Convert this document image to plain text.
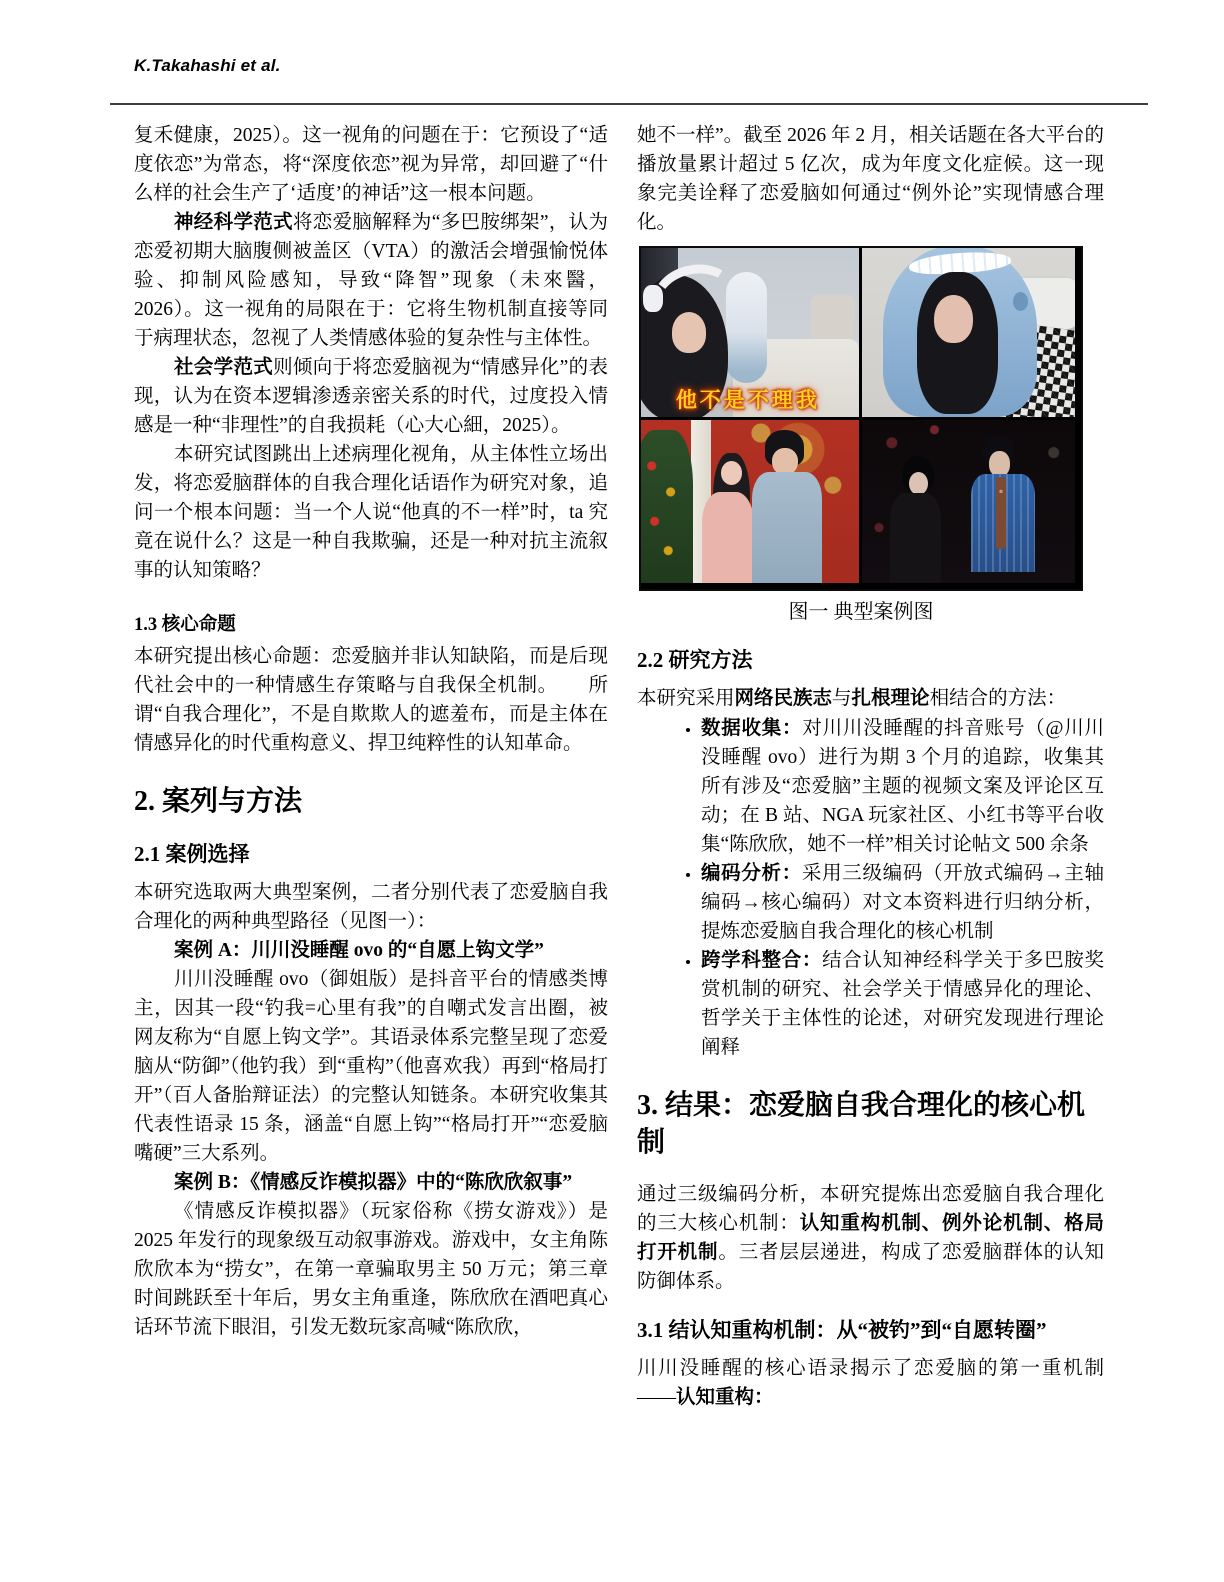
K.Takahashi et al.
复禾健康，2025）。这一视角的问题在于：它预设了“适度依恋”为常态，将“深度依恋”视为异常，却回避了“什么样的社会生产了‘适度’的神话”这一根本问题。
神经科学范式将恋爱脑解释为“多巴胺绑架”，认为恋爱初期大脑腹侧被盖区（VTA）的激活会增强愉悦体验、抑制风险感知，导致“降智”现象（未來醫，2026）。这一视角的局限在于：它将生物机制直接等同于病理状态，忽视了人类情感体验的复杂性与主体性。
社会学范式则倾向于将恋爱脑视为“情感异化”的表现，认为在资本逻辑渗透亲密关系的时代，过度投入情感是一种“非理性”的自我损耗（心大心細，2025）。
本研究试图跳出上述病理化视角，从主体性立场出发，将恋爱脑群体的自我合理化话语作为研究对象，追问一个根本问题：当一个人说“他真的不一样”时，ta 究竟在说什么？这是一种自我欺骗，还是一种对抗主流叙事的认知策略？
1.3 核心命题
本研究提出核心命题：恋爱脑并非认知缺陷，而是后现代社会中的一种情感生存策略与自我保全机制。　　所谓“自我合理化”，不是自欺欺人的遮羞布，而是主体在情感异化的时代重构意义、捍卫纯粹性的认知革命。
2. 案列与方法
2.1 案例选择
本研究选取两大典型案例，二者分别代表了恋爱脑自我合理化的两种典型路径（见图一）：
案例 A：川川没睡醒 ovo 的“自愿上钩文学”
川川没睡醒 ovo（御姐版）是抖音平台的情感类博主，因其一段“钓我=心里有我”的自嘲式发言出圈，被网友称为“自愿上钩文学”。其语录体系完整呈现了恋爱脑从“防御”（他钓我）到“重构”（他喜欢我）再到“格局打开”（百人备胎辩证法）的完整认知链条。本研究收集其代表性语录 15 条，涵盖“自愿上钩”“格局打开”“恋爱脑嘴硬”三大系列。
案例 B：《情感反诈模拟器》中的“陈欣欣叙事”
《情感反诈模拟器》（玩家俗称《捞女游戏》）是 2025 年发行的现象级互动叙事游戏。游戏中，女主角陈欣欣本为“捞女”，在第一章骗取男主 50 万元；第三章时间跳跃至十年后，男女主角重逢，陈欣欣在酒吧真心话环节流下眼泪，引发无数玩家高喊“陈欣欣，
她不一样”。截至 2026 年 2 月，相关话题在各大平台的播放量累计超过 5 亿次，成为年度文化症候。这一现象完美诠释了恋爱脑如何通过“例外论”实现情感合理化。
他不是不理我
图一 典型案例图
2.2 研究方法
本研究采用网络民族志与扎根理论相结合的方法：
• 数据收集：对川川没睡醒的抖音账号（@川川没睡醒 ovo）进行为期 3 个月的追踪，收集其所有涉及“恋爱脑”主题的视频文案及评论区互动；在 B 站、NGA 玩家社区、小红书等平台收集“陈欣欣，她不一样”相关讨论帖文 500 余条
• 编码分析：采用三级编码（开放式编码→主轴编码→核心编码）对文本资料进行归纳分析，提炼恋爱脑自我合理化的核心机制
• 跨学科整合：结合认知神经科学关于多巴胺奖赏机制的研究、社会学关于情感异化的理论、哲学关于主体性的论述，对研究发现进行理论阐释
3. 结果：恋爱脑自我合理化的核心机制
通过三级编码分析，本研究提炼出恋爱脑自我合理化的三大核心机制：认知重构机制、例外论机制、格局打开机制。三者层层递进，构成了恋爱脑群体的认知防御体系。
3.1 结认知重构机制：从“被钓”到“自愿转圈”
川川没睡醒的核心语录揭示了恋爱脑的第一重机制——认知重构：
